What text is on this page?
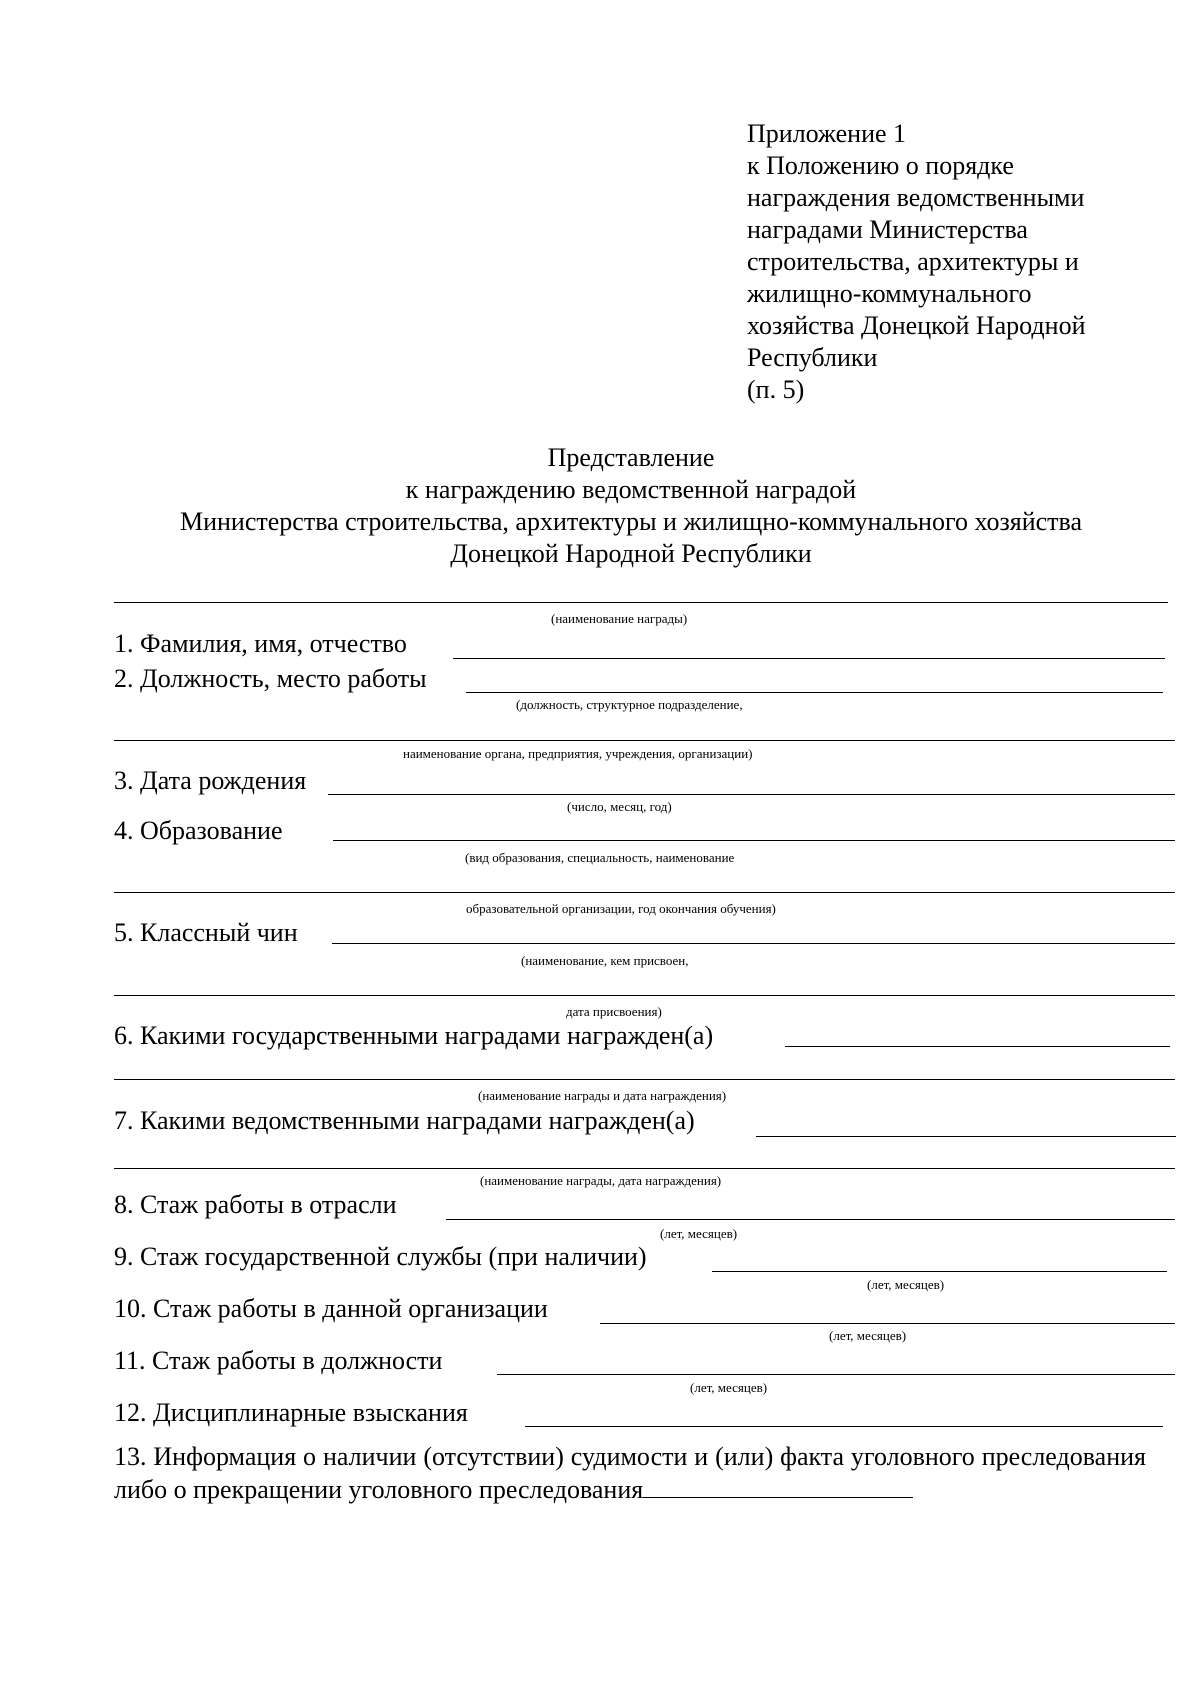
Приложение 1
к Положению о порядке
награждения ведомственными
наградами Министерства
строительства, архитектуры и
жилищно-коммунального
хозяйства Донецкой Народной
Республики
(п. 5)
Представление
к награждению ведомственной наградой
Министерства строительства, архитектуры и жилищно-коммунального хозяйства
Донецкой Народной Республики
(наименование награды)
1. Фамилия, имя, отчество
2. Должность, место работы
(должность, структурное подразделение,
наименование органа, предприятия, учреждения, организации)
3. Дата рождения
(число, месяц, год)
4. Образование
(вид образования, специальность, наименование
образовательной организации, год окончания обучения)
5. Классный чин
(наименование, кем присвоен,
дата присвоения)
6. Какими государственными наградами награжден(а)
(наименование награды и дата награждения)
7. Какими ведомственными наградами награжден(а)
(наименование награды, дата награждения)
8. Стаж работы в отрасли
(лет, месяцев)
9. Стаж государственной службы (при наличии)
(лет, месяцев)
10. Стаж работы в данной организации
(лет, месяцев)
11. Стаж работы в должности
(лет, месяцев)
12. Дисциплинарные взыскания
13. Информация о наличии (отсутствии) судимости и (или) факта уголовного преследования либо о прекращении уголовного преследования
